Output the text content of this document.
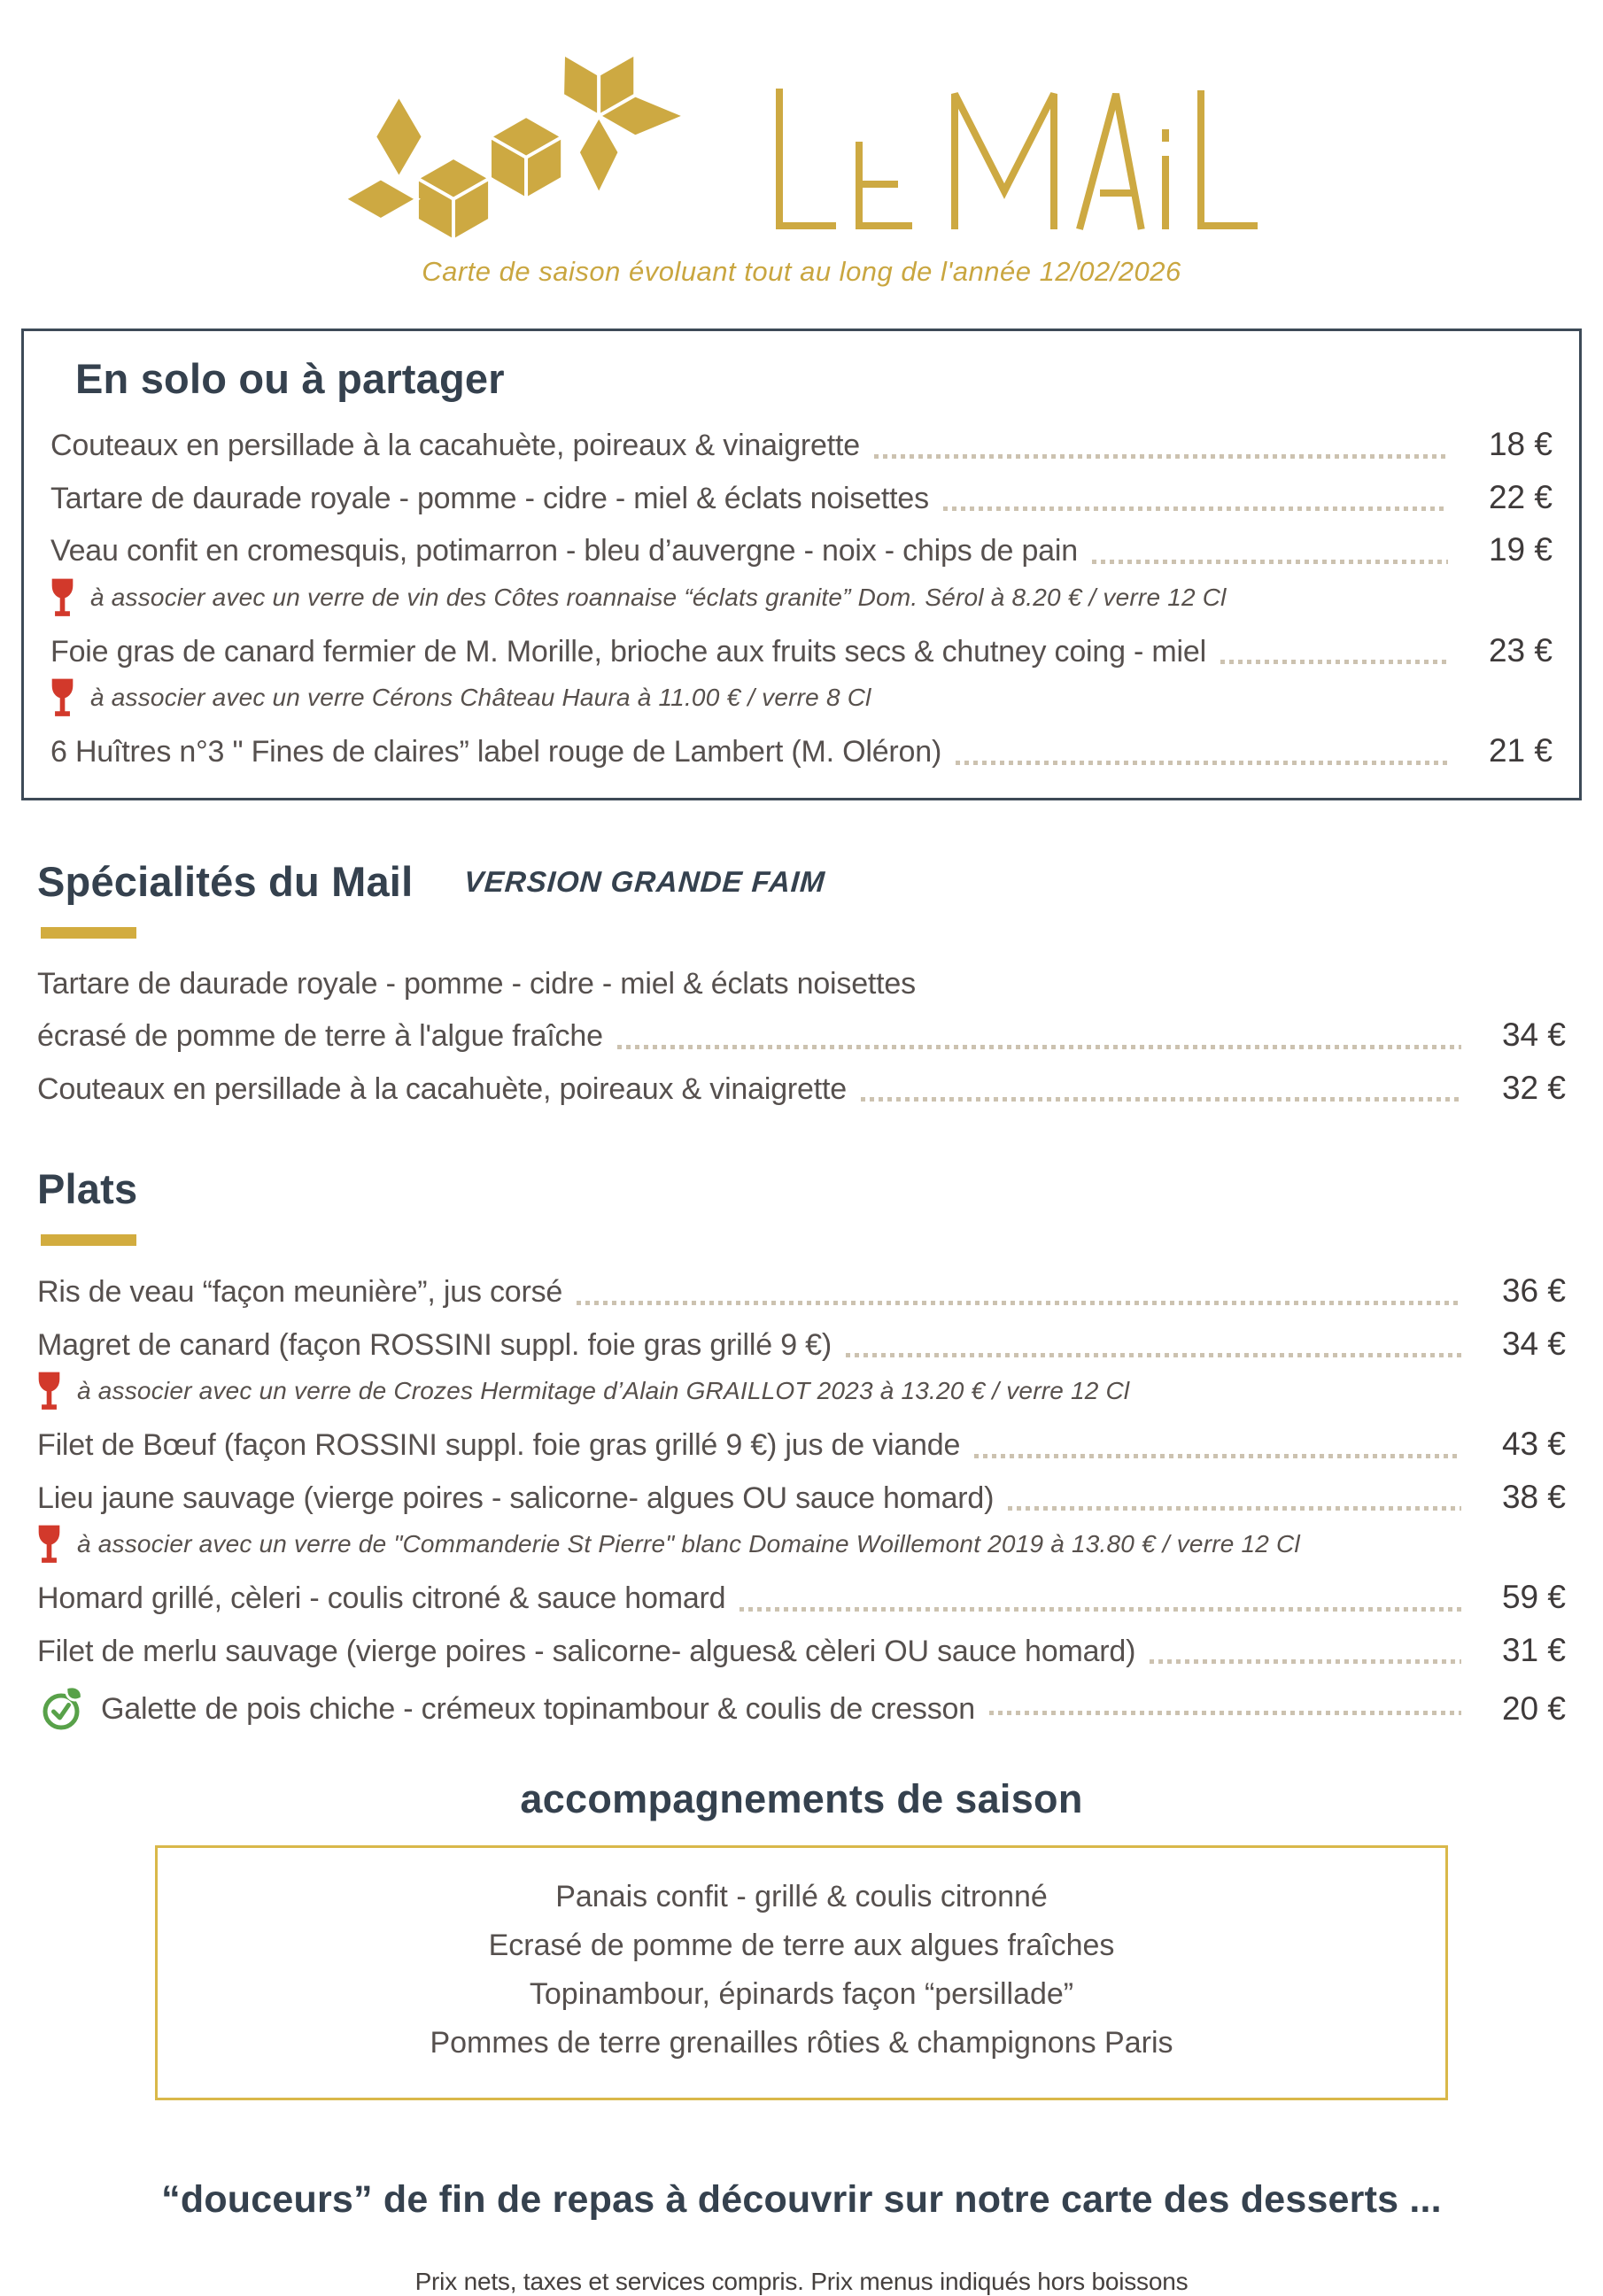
Carte de saison évoluant tout au long de l'année 12/02/2026
En solo ou à partager
Couteaux en persillade à la cacahuète, poireaux & vinaigrette	18 €
Tartare de daurade royale - pomme - cidre - miel & éclats noisettes	22 €
Veau confit en cromesquis, potimarron - bleu d’auvergne - noix - chips de pain	19 €
à associer avec un verre de vin des Côtes roannaise “éclats granite” Dom. Sérol à 8.20 € / verre 12 Cl
Foie gras de canard fermier de M. Morille, brioche aux fruits secs & chutney coing - miel	23 €
à associer avec un verre Cérons Château Haura à 11.00 € / verre 8 Cl
6 Huîtres n°3 " Fines de claires” label rouge de Lambert (M. Oléron)	21 €
Spécialités du Mail VERSION GRANDE FAIM
Tartare de daurade royale - pomme - cidre - miel & éclats noisettes
écrasé de pomme de terre à l'algue fraîche	34 €
Couteaux en persillade à la cacahuète, poireaux & vinaigrette	32 €
Plats
Ris de veau “façon meunière”, jus corsé	36 €
Magret de canard (façon ROSSINI suppl. foie gras grillé 9 €)	34 €
à associer avec un verre de Crozes Hermitage d’Alain GRAILLOT 2023 à 13.20 € / verre 12 Cl
Filet de Bœuf (façon ROSSINI suppl. foie gras grillé 9 €) jus de viande	43 €
Lieu jaune sauvage (vierge poires - salicorne- algues OU sauce homard)	38 €
à associer avec un verre de "Commanderie St Pierre" blanc Domaine Woillemont 2019 à 13.80 € / verre 12 Cl
Homard grillé, cèleri - coulis citroné & sauce homard	59 €
Filet de merlu sauvage (vierge poires - salicorne- algues& cèleri OU sauce homard)	31 €
Galette de pois chiche - crémeux topinambour & coulis de cresson	20 €
accompagnements de saison
Panais confit - grillé & coulis citronné
Ecrasé de pomme de terre aux algues fraîches
Topinambour, épinards façon “persillade”
Pommes de terre grenailles rôties & champignons Paris
“douceurs” de fin de repas à découvrir sur notre carte des desserts ...
Prix nets, taxes et services compris. Prix menus indiqués hors boissons
